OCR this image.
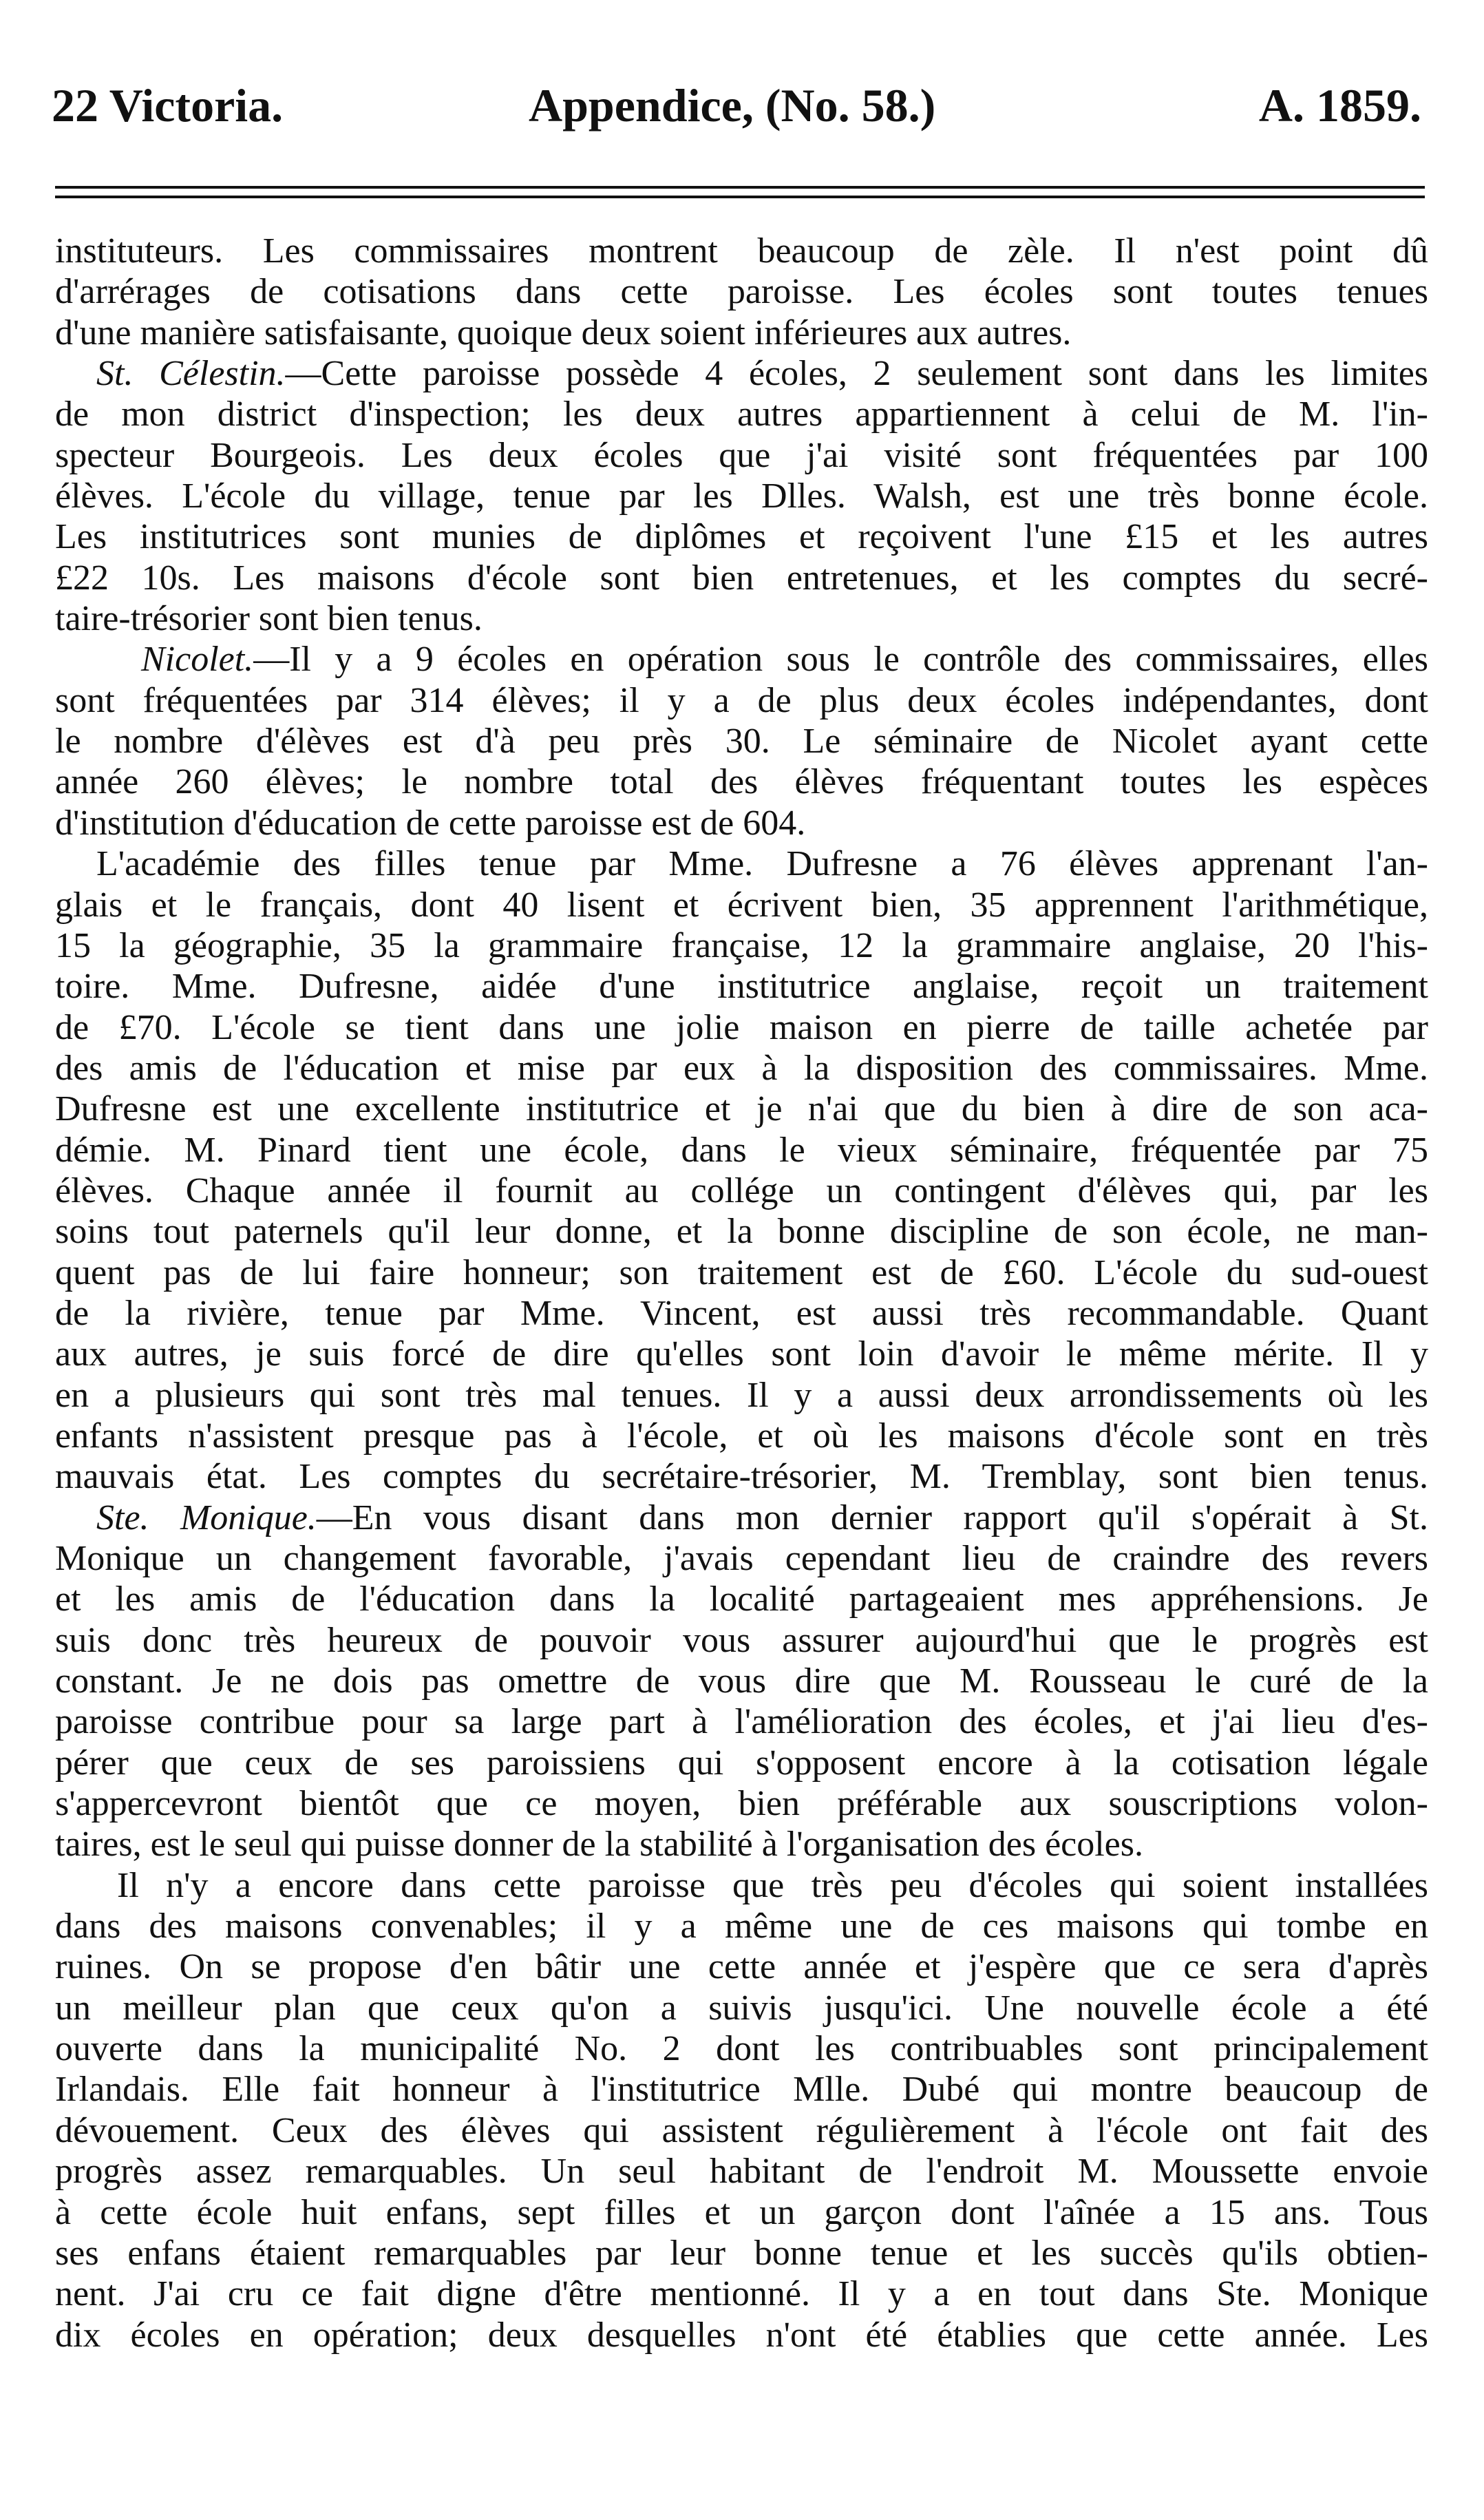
22 Victoria.	Appendice, (No. 58.)	A. 1859.
instituteurs. Les commissaires montrent beaucoup de zèle. Il n'est point dû
d'arrérages de cotisations dans cette paroisse. Les écoles sont toutes tenues
d'une manière satisfaisante, quoique deux soient inférieures aux autres.
St. Célestin.—Cette paroisse possède 4 écoles, 2 seulement sont dans les limites
de mon district d'inspection; les deux autres appartiennent à celui de M. l'in-
specteur Bourgeois. Les deux écoles que j'ai visité sont fréquentées par 100
élèves. L'école du village, tenue par les Dlles. Walsh, est une très bonne école.
Les institutrices sont munies de diplômes et reçoivent l'une £15 et les autres
£22 10s. Les maisons d'école sont bien entretenues, et les comptes du secré-
taire-trésorier sont bien tenus.
Nicolet.—Il y a 9 écoles en opération sous le contrôle des commissaires, elles
sont fréquentées par 314 élèves; il y a de plus deux écoles indépendantes, dont
le nombre d'élèves est d'à peu près 30. Le séminaire de Nicolet ayant cette
année 260 élèves; le nombre total des élèves fréquentant toutes les espèces
d'institution d'éducation de cette paroisse est de 604.
L'académie des filles tenue par Mme. Dufresne a 76 élèves apprenant l'an-
glais et le français, dont 40 lisent et écrivent bien, 35 apprennent l'arithmétique,
15 la géographie, 35 la grammaire française, 12 la grammaire anglaise, 20 l'his-
toire. Mme. Dufresne, aidée d'une institutrice anglaise, reçoit un traitement
de £70. L'école se tient dans une jolie maison en pierre de taille achetée par
des amis de l'éducation et mise par eux à la disposition des commissaires. Mme.
Dufresne est une excellente institutrice et je n'ai que du bien à dire de son aca-
démie. M. Pinard tient une école, dans le vieux séminaire, fréquentée par 75
élèves. Chaque année il fournit au collége un contingent d'élèves qui, par les
soins tout paternels qu'il leur donne, et la bonne discipline de son école, ne man-
quent pas de lui faire honneur; son traitement est de £60. L'école du sud-ouest
de la rivière, tenue par Mme. Vincent, est aussi très recommandable. Quant
aux autres, je suis forcé de dire qu'elles sont loin d'avoir le même mérite. Il y
en a plusieurs qui sont très mal tenues. Il y a aussi deux arrondissements où les
enfants n'assistent presque pas à l'école, et où les maisons d'école sont en très
mauvais état. Les comptes du secrétaire-trésorier, M. Tremblay, sont bien tenus.
Ste. Monique.—En vous disant dans mon dernier rapport qu'il s'opérait à St.
Monique un changement favorable, j'avais cependant lieu de craindre des revers
et les amis de l'éducation dans la localité partageaient mes appréhensions. Je
suis donc très heureux de pouvoir vous assurer aujourd'hui que le progrès est
constant. Je ne dois pas omettre de vous dire que M. Rousseau le curé de la
paroisse contribue pour sa large part à l'amélioration des écoles, et j'ai lieu d'es-
pérer que ceux de ses paroissiens qui s'opposent encore à la cotisation légale
s'appercevront bientôt que ce moyen, bien préférable aux souscriptions volon-
taires, est le seul qui puisse donner de la stabilité à l'organisation des écoles.
Il n'y a encore dans cette paroisse que très peu d'écoles qui soient installées
dans des maisons convenables; il y a même une de ces maisons qui tombe en
ruines. On se propose d'en bâtir une cette année et j'espère que ce sera d'après
un meilleur plan que ceux qu'on a suivis jusqu'ici. Une nouvelle école a été
ouverte dans la municipalité No. 2 dont les contribuables sont principalement
Irlandais. Elle fait honneur à l'institutrice Mlle. Dubé qui montre beaucoup de
dévouement. Ceux des élèves qui assistent régulièrement à l'école ont fait des
progrès assez remarquables. Un seul habitant de l'endroit M. Moussette envoie
à cette école huit enfans, sept filles et un garçon dont l'aînée a 15 ans. Tous
ses enfans étaient remarquables par leur bonne tenue et les succès qu'ils obtien-
nent. J'ai cru ce fait digne d'être mentionné. Il y a en tout dans Ste. Monique
dix écoles en opération; deux desquelles n'ont été établies que cette année. Les
